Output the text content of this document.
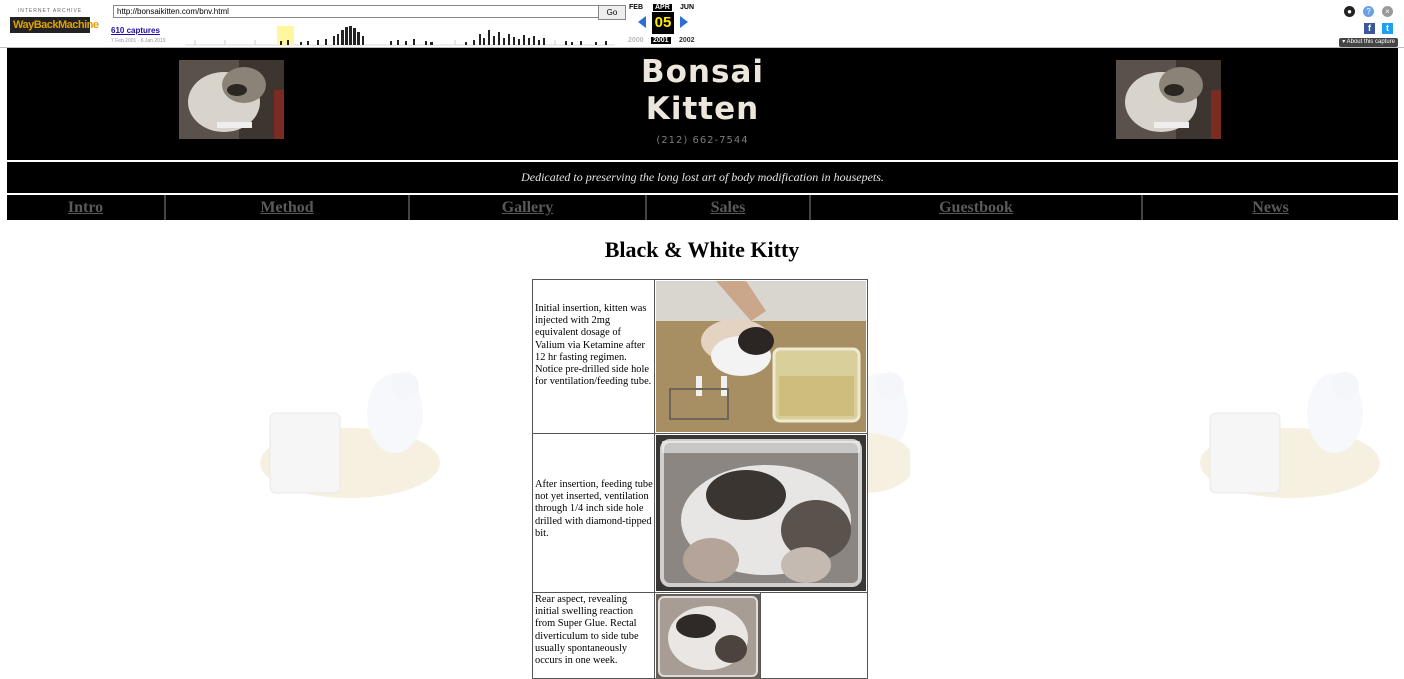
INTERNET ARCHIVE
WayBackMachine
http://bonsaikitten.com/bnv.html	Go
610 captures
7 Feb 2001 - 6 Jan 2019
FEB APR JUN
05
2000 2001 2002
●	?	×
f	t
▾ About this capture
Bonsai
Kitten
(212) 662-7544
Dedicated to preserving the long lost art of body modification in housepets.
Intro	Method	Gallery	Sales	Guestbook	News
Black & White Kitty
Initial insertion, kitten was injected with 2mg equivalent dosage of Valium via Ketamine after 12 hr fasting regimen. Notice pre-drilled side hole for ventilation/feeding tube.
After insertion, feeding tube not yet inserted, ventilation through 1/4 inch side hole drilled with diamond-tipped bit.
Rear aspect, revealing initial swelling reaction from Super Glue. Rectal diverticulum to side tube usually spontaneously occurs in one week.
